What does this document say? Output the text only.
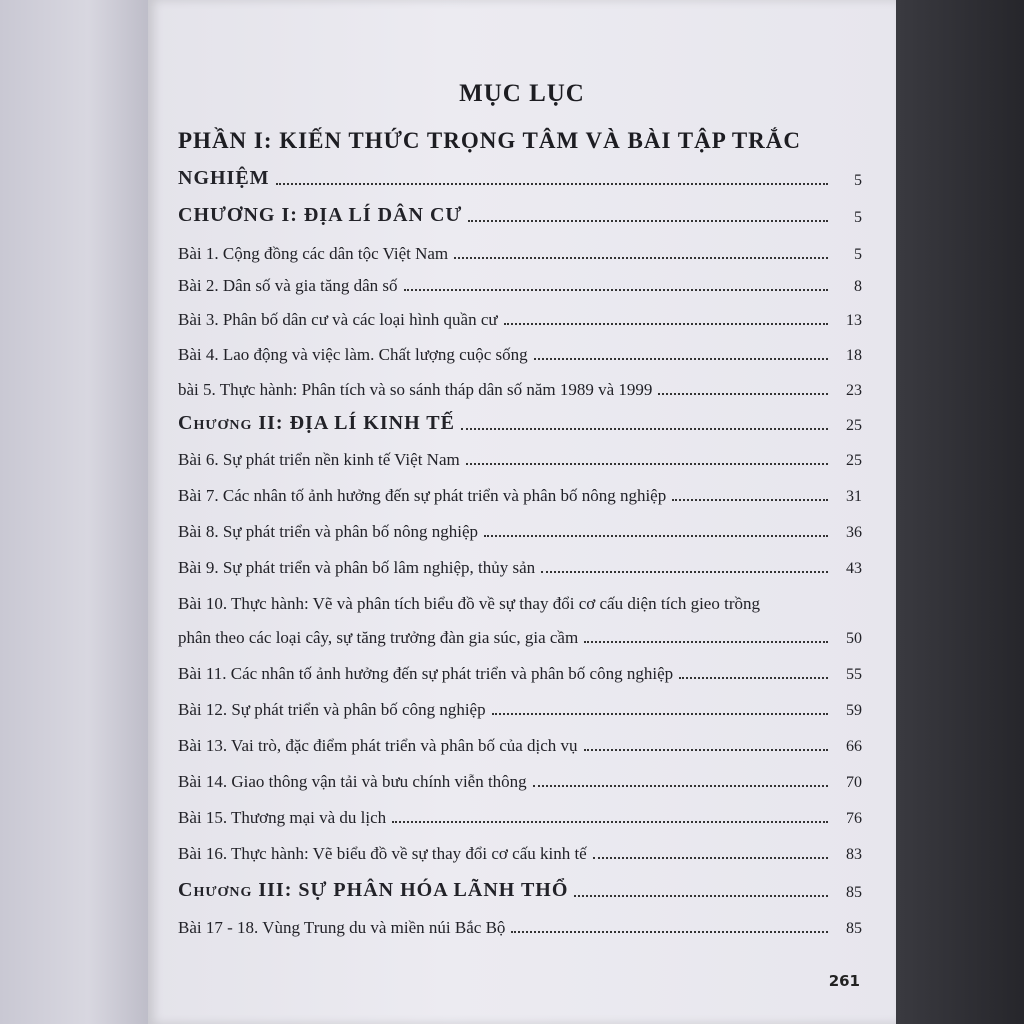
MỤC LỤC
PHẦN I: KIẾN THỨC TRỌNG TÂM VÀ BÀI TẬP TRẮC
NGHIỆM	5
CHƯƠNG I: ĐỊA LÍ DÂN CƯ	5
Bài 1. Cộng đồng các dân tộc Việt Nam	5
Bài 2. Dân số và gia tăng dân số	8
Bài 3. Phân bố dân cư và các loại hình quần cư	13
Bài 4. Lao động và việc làm. Chất lượng cuộc sống	18
bài 5. Thực hành: Phân tích và so sánh tháp dân số năm 1989 và 1999	23
Chương II: ĐỊA LÍ KINH TẾ	25
Bài 6. Sự phát triển nền kinh tế Việt Nam	25
Bài 7. Các nhân tố ảnh hưởng đến sự phát triển và phân bố nông nghiệp	31
Bài 8. Sự phát triển và phân bố nông nghiệp	36
Bài 9. Sự phát triển và phân bố lâm nghiệp, thủy sản	43
Bài 10. Thực hành: Vẽ và phân tích biểu đồ về sự thay đổi cơ cấu diện tích gieo trồng
phân theo các loại cây, sự tăng trưởng đàn gia súc, gia cầm	50
Bài 11. Các nhân tố ảnh hưởng đến sự phát triển và phân bố công nghiệp	55
Bài 12. Sự phát triển và phân bố công nghiệp	59
Bài 13. Vai trò, đặc điểm phát triển và phân bố của dịch vụ	66
Bài 14. Giao thông vận tải và bưu chính viễn thông	70
Bài 15. Thương mại và du lịch	76
Bài 16. Thực hành: Vẽ biểu đồ về sự thay đổi cơ cấu kinh tế	83
Chương III: SỰ PHÂN HÓA LÃNH THỔ	85
Bài 17 - 18. Vùng Trung du và miền núi Bắc Bộ	85
261
